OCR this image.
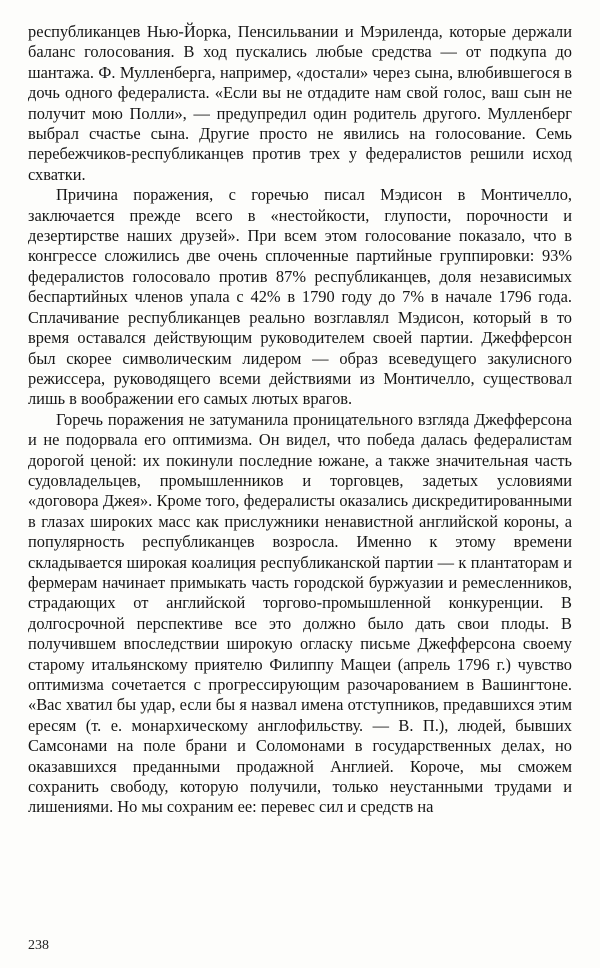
республиканцев Нью-Йорка, Пенсильвании и Мэриленда, которые держали баланс голосования. В ход пускались любые средства — от подкупа до шантажа. Ф. Мулленберга, например, «достали» через сына, влюбившегося в дочь одного федералиста. «Если вы не отдадите нам свой голос, ваш сын не получит мою Полли», — предупредил один родитель другого. Мулленберг выбрал счастье сына. Другие просто не явились на голосование. Семь перебежчиков-республиканцев против трех у федералистов решили исход схватки.

Причина поражения, с горечью писал Мэдисон в Монтичелло, заключается прежде всего в «нестойкости, глупости, порочности и дезертирстве наших друзей». При всем этом голосование показало, что в конгрессе сложились две очень сплоченные партийные группировки: 93% федералистов голосовало против 87% республиканцев, доля независимых беспартийных членов упала с 42% в 1790 году до 7% в начале 1796 года. Сплачивание республиканцев реально возглавлял Мэдисон, который в то время оставался действующим руководителем своей партии. Джефферсон был скорее символическим лидером — образ всеведущего закулисного режиссера, руководящего всеми действиями из Монтичелло, существовал лишь в воображении его самых лютых врагов.

Горечь поражения не затуманила проницательного взгляда Джефферсона и не подорвала его оптимизма. Он видел, что победа далась федералистам дорогой ценой: их покинули последние южане, а также значительная часть судовладельцев, промышленников и торговцев, задетых условиями «договора Джея». Кроме того, федералисты оказались дискредитированными в глазах широких масс как прислужники ненавистной английской короны, а популярность республиканцев возросла. Именно к этому времени складывается широкая коалиция республиканской партии — к плантаторам и фермерам начинает примыкать часть городской буржуазии и ремесленников, страдающих от английской торгово-промышленной конкуренции. В долгосрочной перспективе все это должно было дать свои плоды. В получившем впоследствии широкую огласку письме Джефферсона своему старому итальянскому приятелю Филиппу Мащеи (апрель 1796 г.) чувство оптимизма сочетается с прогрессирующим разочарованием в Вашингтоне. «Вас хватил бы удар, если бы я назвал имена отступников, предавшихся этим ересям (т. е. монархическому англофильству. — В. П.), людей, бывших Самсонами на поле брани и Соломонами в государственных делах, но оказавшихся преданными продажной Англией. Короче, мы сможем сохранить свободу, которую получили, только неустанными трудами и лишениями. Но мы сохраним ее: перевес сил и средств на

238
